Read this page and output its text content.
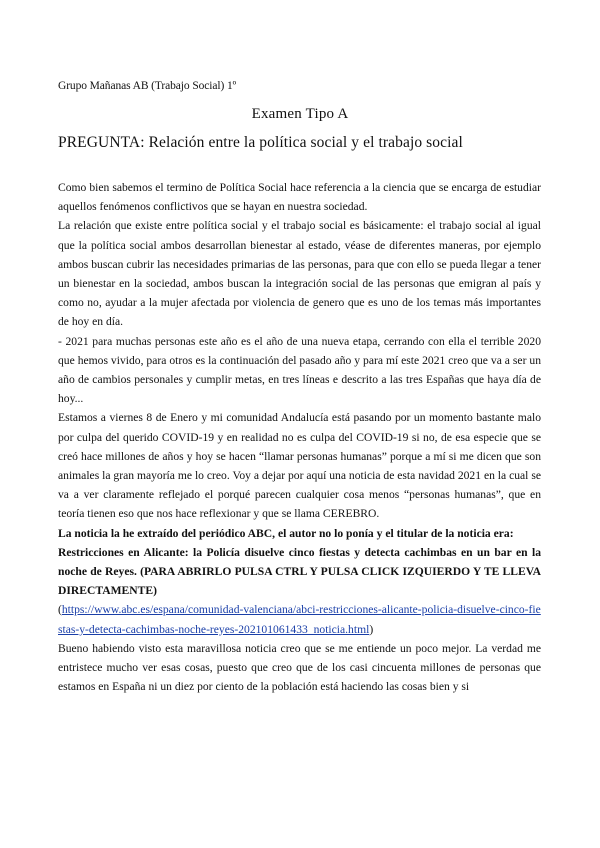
Grupo Mañanas AB (Trabajo Social) 1º
Examen Tipo A
PREGUNTA: Relación entre la política social y el trabajo social

Como bien sabemos el termino de Política Social hace referencia a la ciencia que se encarga de estudiar aquellos fenómenos conflictivos que se hayan en nuestra sociedad.

La relación que existe entre política social y el trabajo social es básicamente: el trabajo social al igual que la política social ambos desarrollan bienestar al estado, véase de diferentes maneras, por ejemplo ambos buscan cubrir las necesidades primarias de las personas, para que con ello se pueda llegar a tener un bienestar en la sociedad, ambos buscan la integración social de las personas que emigran al país y como no, ayudar a la mujer afectada por violencia de genero que es uno de los temas más importantes de hoy en día.

- 2021 para muchas personas este año es el año de una nueva etapa, cerrando con ella el terrible 2020 que hemos vivido, para otros es la continuación del pasado año y para mí este 2021 creo que va a ser un año de cambios personales y cumplir metas, en tres líneas e descrito a las tres Españas que haya día de hoy...

Estamos a viernes 8 de Enero y mi comunidad Andalucía está pasando por un momento bastante malo por culpa del querido COVID-19 y en realidad no es culpa del COVID-19 si no, de esa especie que se creó hace millones de años y hoy se hacen “llamar personas humanas” porque a mí si me dicen que son animales la gran mayoría me lo creo. Voy a dejar por aquí una noticia de esta navidad 2021 en la cual se va a ver claramente reflejado el porqué parecen cualquier cosa menos “personas humanas”, que en teoría tienen eso que nos hace reflexionar y que se llama CEREBRO.

La noticia la he extraído del periódico ABC, el autor no lo ponía y el titular de la noticia era:

Restricciones en Alicante: la Policía disuelve cinco fiestas y detecta cachimbas en un bar en la noche de Reyes. (PARA ABRIRLO PULSA CTRL Y PULSA CLICK IZQUIERDO Y TE LLEVA DIRECTAMENTE)

(https://www.abc.es/espana/comunidad-valenciana/abci-restricciones-alicante-policia-disuelve-cinco-fiestas-y-detecta-cachimbas-noche-reyes-202101061433_noticia.html)

Bueno habiendo visto esta maravillosa noticia creo que se me entiende un poco mejor. La verdad me entristece mucho ver esas cosas, puesto que creo que de los casi cincuenta millones de personas que estamos en España ni un diez por ciento de la población está haciendo las cosas bien y si
